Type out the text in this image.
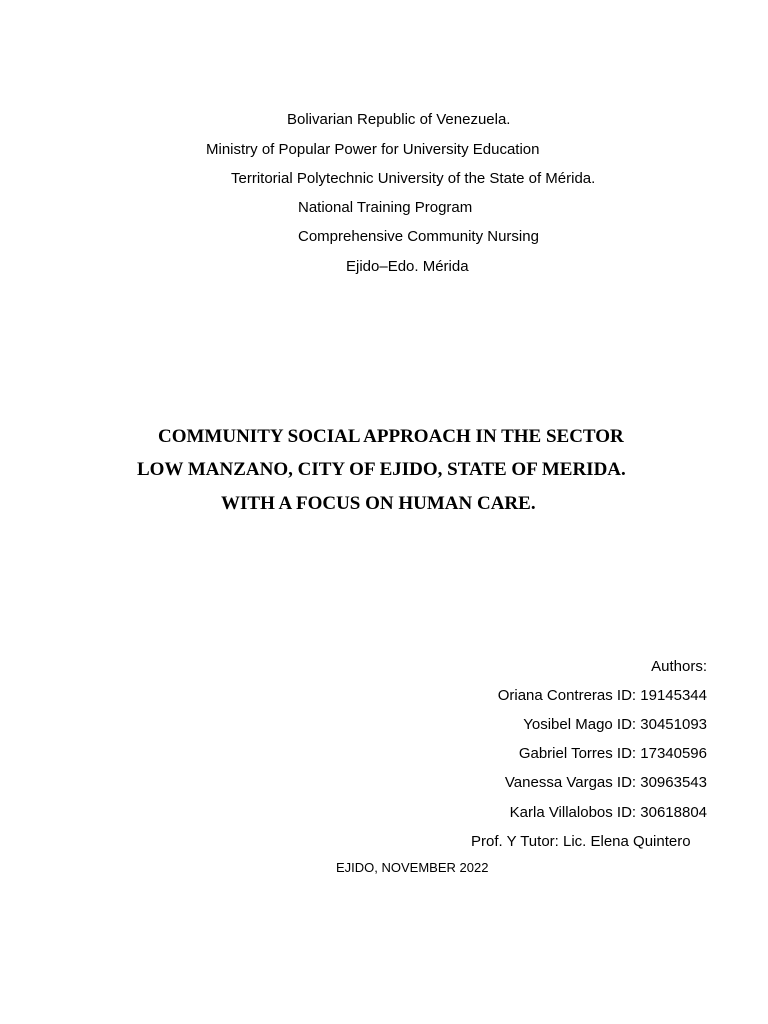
Bolivarian Republic of Venezuela.
Ministry of Popular Power for University Education
Territorial Polytechnic University of the State of Mérida.
National Training Program
Comprehensive Community Nursing
Ejido–Edo. Mérida
COMMUNITY SOCIAL APPROACH IN THE SECTOR
LOW MANZANO, CITY OF EJIDO, STATE OF MERIDA.
WITH A FOCUS ON HUMAN CARE.
Authors:
Oriana Contreras ID: 19145344
Yosibel Mago ID: 30451093
Gabriel Torres ID: 17340596
Vanessa Vargas ID: 30963543
Karla Villalobos ID: 30618804
Prof. Y Tutor: Lic. Elena Quintero
EJIDO, NOVEMBER 2022
